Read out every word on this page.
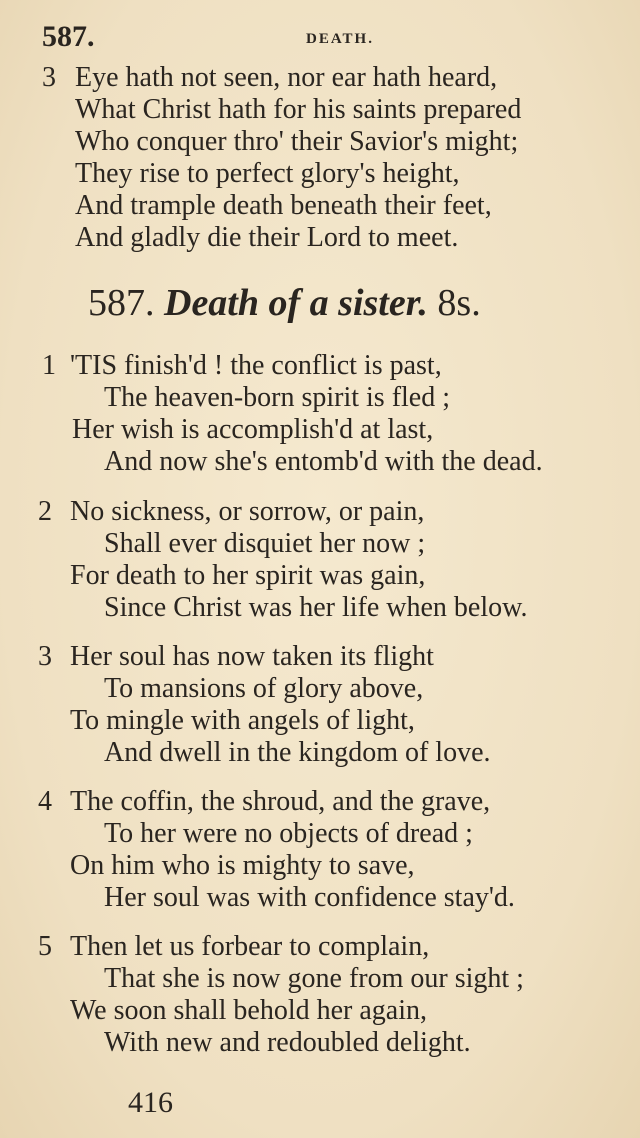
587.	DEATH.
3 Eye hath not seen, nor ear hath heard,
What Christ hath for his saints prepared
Who conquer thro' their Savior's might;
They rise to perfect glory's height,
And trample death beneath their feet,
And gladly die their Lord to meet.
587. Death of a sister. 8s.
1 'TIS finish'd ! the conflict is past,
The heaven-born spirit is fled ;
Her wish is accomplish'd at last,
And now she's entomb'd with the dead.
2 No sickness, or sorrow, or pain,
Shall ever disquiet her now ;
For death to her spirit was gain,
Since Christ was her life when below.
3 Her soul has now taken its flight
To mansions of glory above,
To mingle with angels of light,
And dwell in the kingdom of love.
4 The coffin, the shroud, and the grave,
To her were no objects of dread ;
On him who is mighty to save,
Her soul was with confidence stay'd.
5 Then let us forbear to complain,
That she is now gone from our sight ;
We soon shall behold her again,
With new and redoubled delight.
416
